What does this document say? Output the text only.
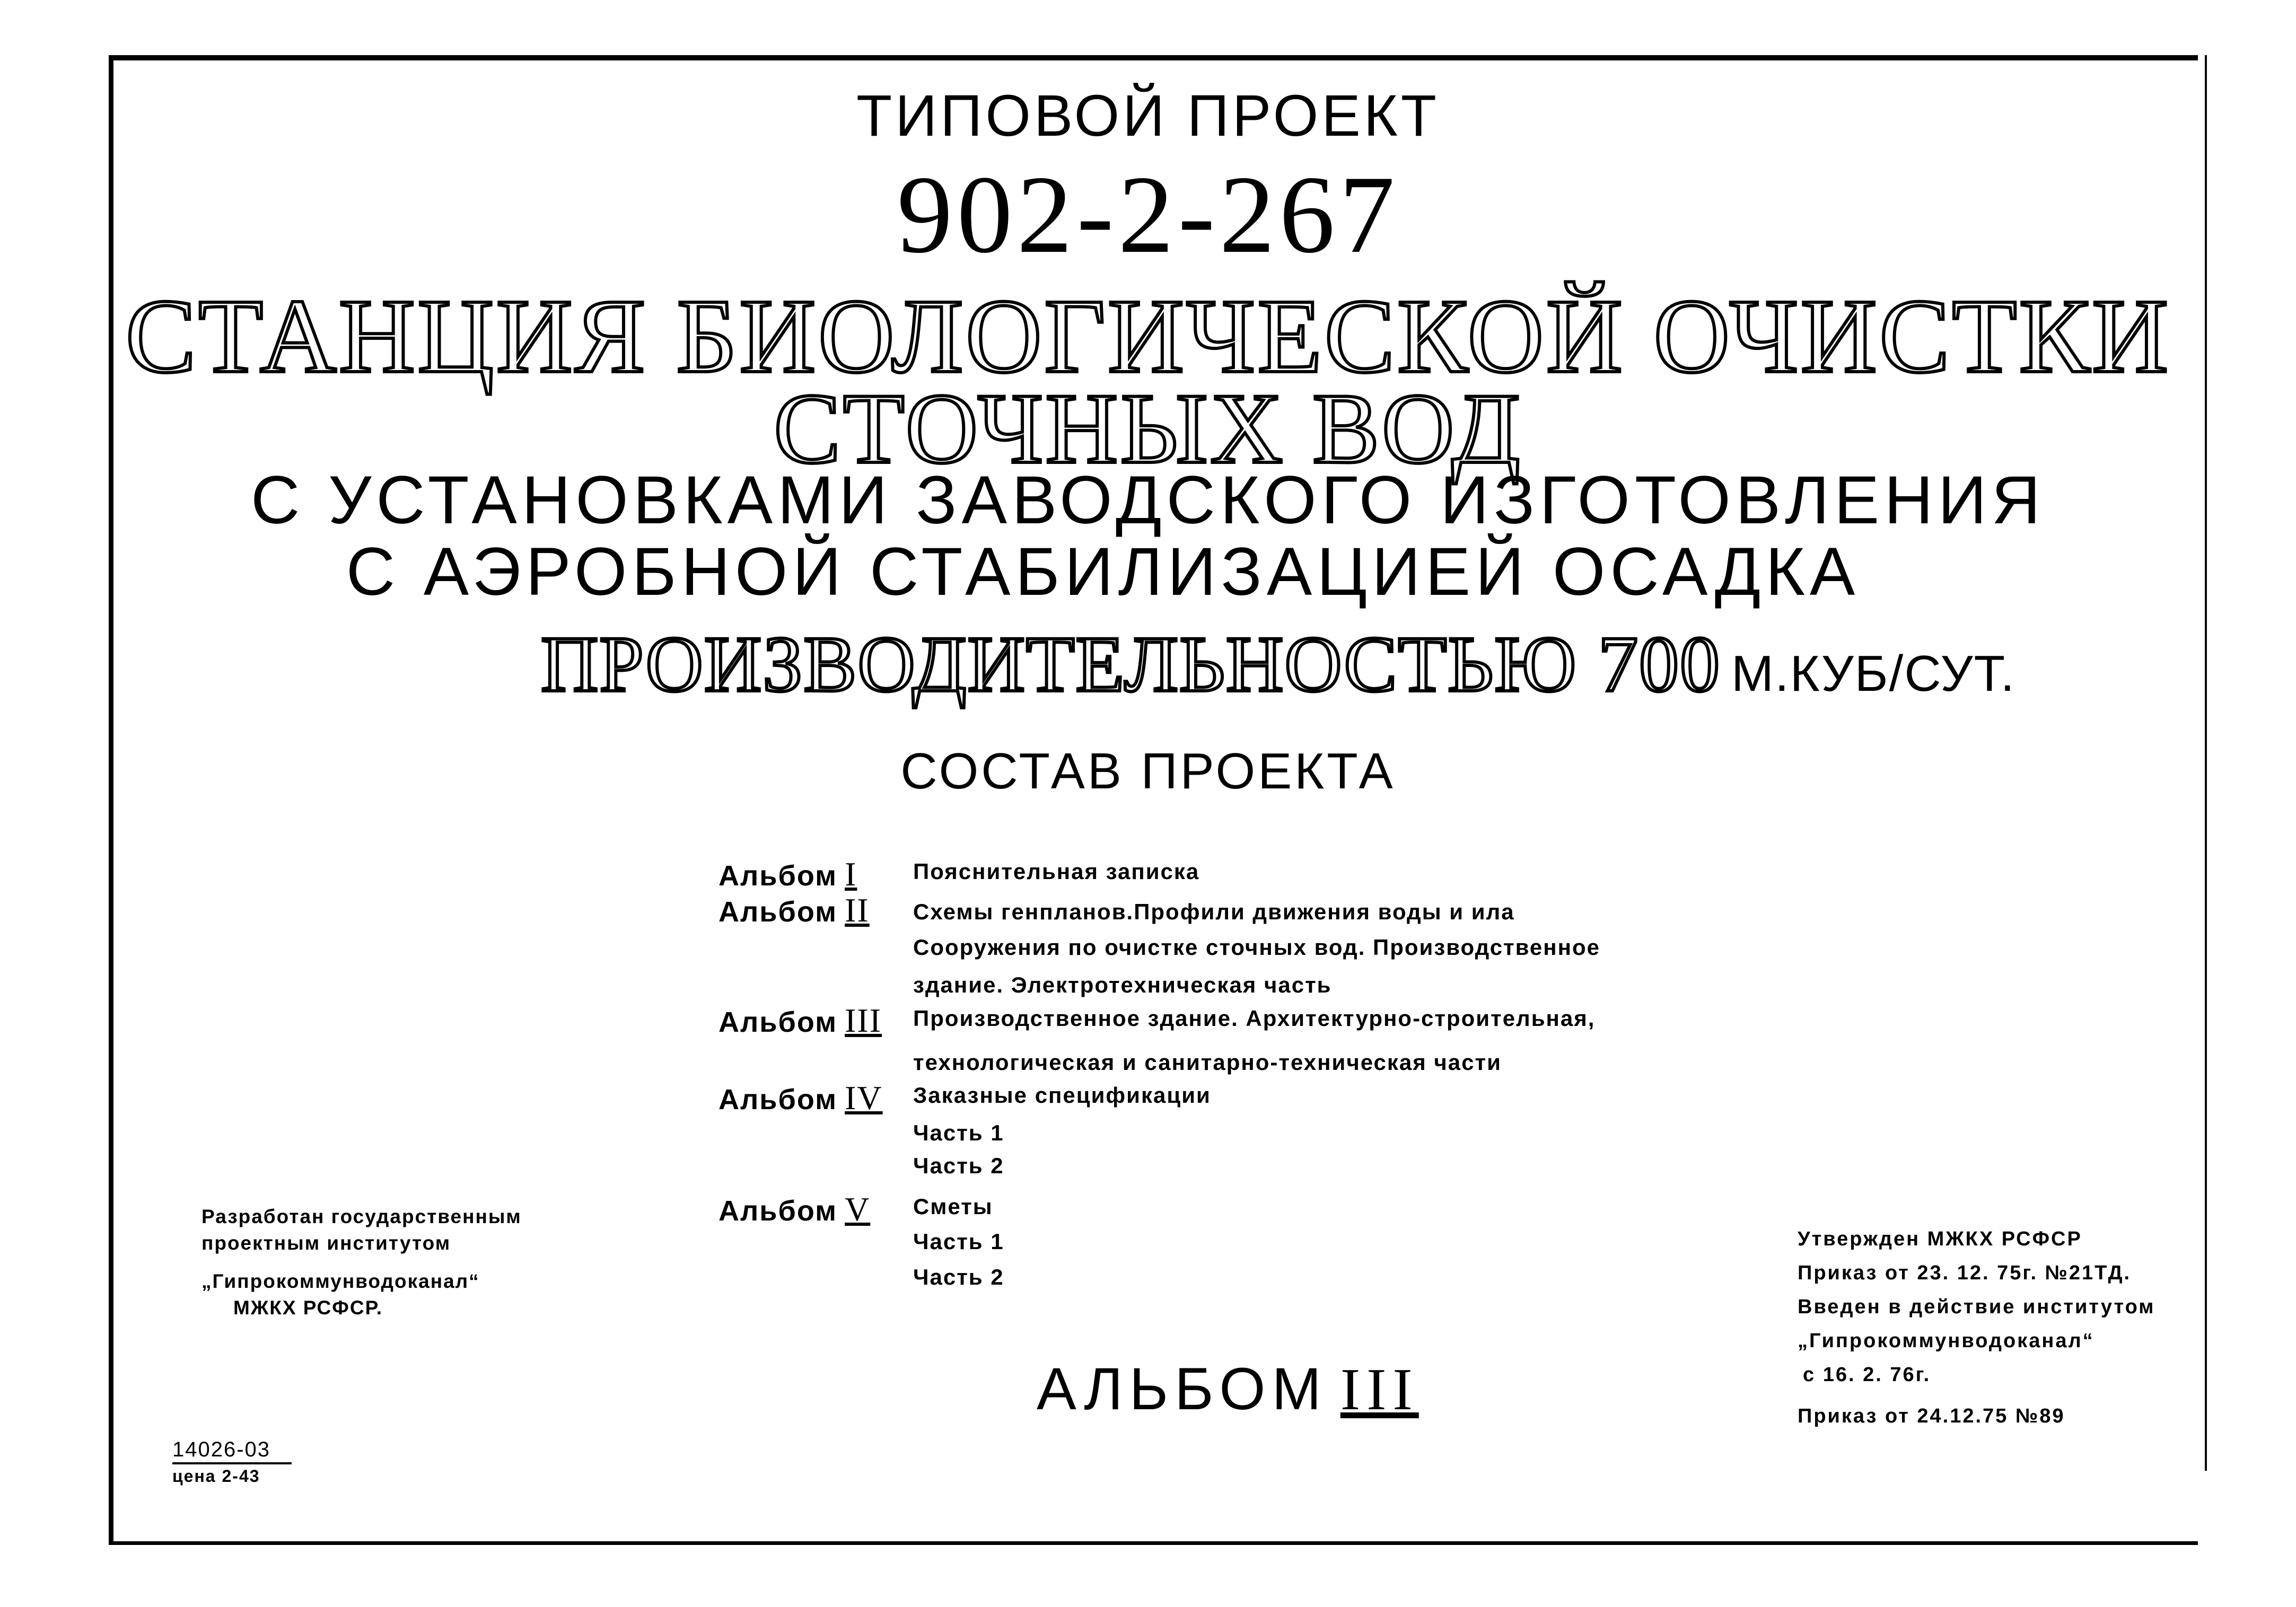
ТИПОВОЙ ПРОЕКТ
902-2-267
СТАНЦИЯ БИОЛОГИЧЕСКОЙ ОЧИСТКИ
СТОЧНЫХ ВОД
С УСТАНОВКАМИ ЗАВОДСКОГО ИЗГОТОВЛЕНИЯ
С АЭРОБНОЙ СТАБИЛИЗАЦИЕЙ ОСАДКА
ПРОИЗВОДИТЕЛЬНОСТЬЮ 700 М.КУБ/СУТ.
СОСТАВ ПРОЕКТА
Альбом I	Пояснительная записка
Альбом II Схемы генпланов.Профили движения воды и ила
Сооружения по очистке сточных вод. Производственное
здание. Электротехническая часть
Альбом III Производственное здание. Архитектурно-строительная,
технологическая и санитарно-техническая части
Альбом IV Заказные спецификации
Часть 1
Часть 2
Альбом V Сметы
Часть 1
Часть 2
Разработан государственным
проектным институтом
„Гипрокоммунводоканал“
МЖКХ РСФСР.
Утвержден МЖКХ РСФСР
Приказ от 23. 12. 75г. №21ТД.
Введен в действие институтом
„Гипрокоммунводоканал“
с 16. 2. 76г.
Приказ от 24.12.75 №89
АЛЬБОМ III
14026-03
цена 2-43
